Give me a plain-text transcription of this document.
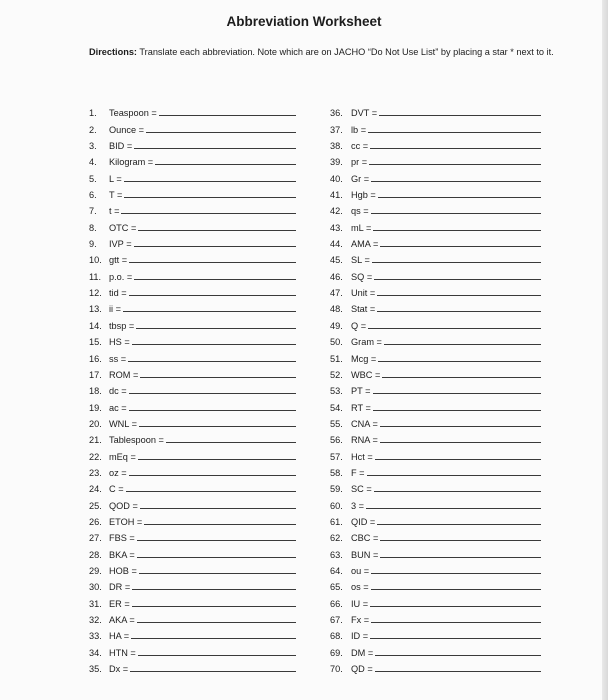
Abbreviation Worksheet
Directions: Translate each abbreviation. Note which are on JACHO “Do Not Use List” by placing a star * next to it.
1.	Teaspoon =
2.	Ounce =
3.	BID =
4.	Kilogram =
5.	L =
6.	T =
7.	t =
8.	OTC =
9.	IVP =
10. gtt =
11. p.o. =
12. tid =
13. ii =
14. tbsp =
15. HS =
16. ss =
17. ROM =
18. dc =
19. ac =
20. WNL =
21. Tablespoon =
22. mEq =
23. oz =
24. C =
25. QOD =
26. ETOH =
27. FBS =
28. BKA =
29. HOB =
30. DR =
31. ER =
32. AKA =
33. HA =
34. HTN =
35. Dx =
36. DVT =
37. lb =
38. cc =
39. pr =
40. Gr =
41. Hgb =
42. qs =
43. mL =
44. AMA =
45. SL =
46. SQ =
47. Unit =
48. Stat =
49. Q =
50. Gram =
51. Mcg =
52. WBC =
53. PT =
54. RT =
55. CNA =
56. RNA =
57. Hct =
58. F =
59. SC =
60. 3 =
61. QID =
62. CBC =
63. BUN =
64. ou =
65. os =
66. IU =
67. Fx =
68. ID =
69. DM =
70. QD =
